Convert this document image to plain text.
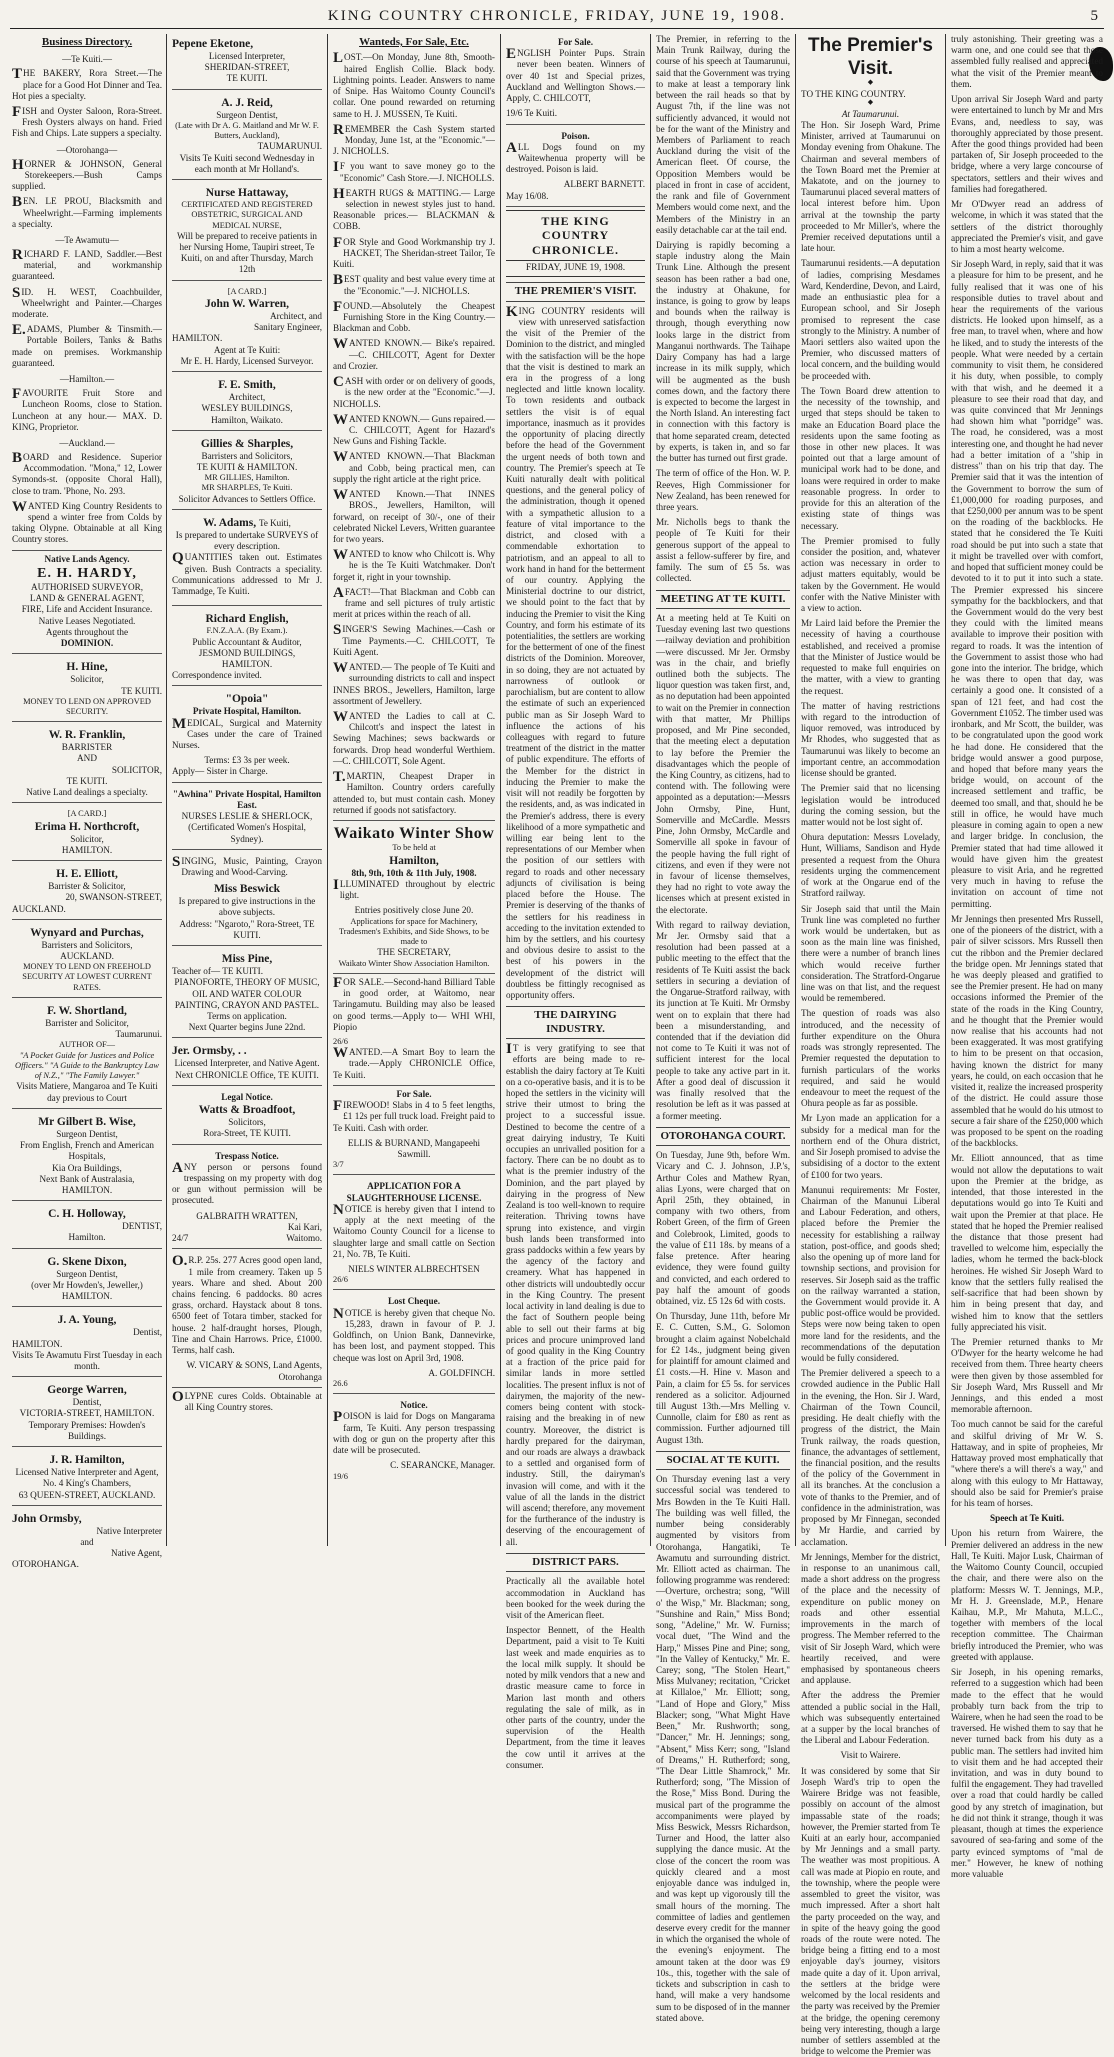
KING COUNTRY CHRONICLE, FRIDAY, JUNE 19, 1908.	5
Business Directory.
— Te Kuiti. —

THE BAKERY, Rora Street.—The place for a Good Hot Dinner and Tea. Hot pies a specialty.

FISH and Oyster Saloon, Rora-Street. Fresh Oysters always on hand. Fried Fish and Chips. Late suppers a specialty.

— Otorohanga —

HORNER & JOHNSON, General Storekeepers.—Bush Camps supplied.

BEN. LE PROU, Blacksmith and Wheelwright.—Farming implements a specialty.

— Te Awamutu —

RICHARD F. LAND, Saddler.—Best material, and workmanship guaranteed.

SID. H. WEST, Coachbuilder, Wheelwright and Painter.—Charges moderate.

E.ADAMS, Plumber & Tinsmith.—Portable Boilers, Tanks & Baths made on premises. Workmanship guaranteed.

— Hamilton. —

FAVOURITE Fruit Store and Luncheon Rooms, close to Station. Luncheon at any hour.— MAX. D. KING, Proprietor.

— Auckland. —

BOARD and Residence. Superior Accommodation. "Mona," 12, Lower Symonds-st. (opposite Choral Hall), close to tram. 'Phone, No. 293.

WANTED King Country Residents to spend a winter free from Colds by taking Olypne. Obtainable at all King Country stores.

Native Lands Agency.
E. H. HARDY,
AUTHORISED SURVEYOR,
LAND & GENERAL AGENT,
FIRE, Life and Accident Insurance.
Native Leases Negotiated.
Agents throughout the
DOMINION.
H. Hine,
Solicitor,
TE KUITI.
MONEY TO LEND ON APPROVED SECURITY.
W. R. Franklin,
BARRISTER
AND
SOLICITOR,
TE KUITI.
Native Land dealings a specialty.
[A CARD.]
Erima H. Northcroft,
Solicitor,
HAMILTON.
H. E. Elliott,
Barrister & Solicitor,
20, SWANSON-STREET,
AUCKLAND.
Wynyard and Purchas,
Barristers and Solicitors,
AUCKLAND.
MONEY TO LEND ON FREEHOLD SECURITY AT LOWEST CURRENT RATES.
F. W. Shortland,
Barrister and Solicitor,
Taumarunui.
AUTHOR OF—
"A Pocket Guide for Justices and Police Officers." "A Guide to the Bankruptcy Law of N.Z.," "The Family Lawyer."
Visits Matiere, Mangaroa and Te Kuiti day previous to Court
Mr Gilbert B. Wise,
Surgeon Dentist,
From English, French and American Hospitals,
Kia Ora Buildings,
Next Bank of Australasia,
HAMILTON.
C. H. Holloway,
DENTIST,
Hamilton.
G. Skene Dixon,
Surgeon Dentist,
(over Mr Howden's, Jeweller,)
HAMILTON.
J. A. Young,
Dentist,
HAMILTON.
Visits Te Awamutu First Tuesday in each month.
George Warren,
Dentist,
VICTORIA-STREET, HAMILTON.
Temporary Premises: Howden's Buildings.
J. R. Hamilton,
Licensed Native Interpreter and Agent,
No. 4 King's Chambers,
63 QUEEN-STREET, AUCKLAND.
John Ormsby,
Native Interpreter
and
Native Agent,
OTOROHANGA.
Pepene Eketone,
Licensed Interpreter,
SHERIDAN-STREET,
TE KUITI.
A. J. Reid,
Surgeon Dentist,
(Late with Dr A. G. Maitland and Mr W. F. Butters, Auckland),
TAUMARUNUI.
Visits Te Kuiti second Wednesday in each month at Mr Holland's.
Nurse Hattaway,
CERTIFICATED AND REGISTERED OBSTETRIC, SURGICAL AND MEDICAL NURSE,
Will be prepared to receive patients in her Nursing Home, Taupiri street, Te Kuiti, on and after Thursday, March 12th
[A CARD.]
John W. Warren,
Architect, and
Sanitary Engineer,
HAMILTON.
Agent at Te Kuiti:
Mr E. H. Hardy, Licensed Surveyor.
F. E. Smith,
Architect,
WESLEY BUILDINGS,
Hamilton, Waikato.
Gillies & Sharples,
Barristers and Solicitors,
TE KUITI & HAMILTON.
MR GILLIES, Hamilton.
MR SHARPLES, Te Kuiti.
Solicitor Advances to Settlers Office.
W. Adams, Te Kuiti,
Is prepared to undertake SURVEYS of every description.

QUANTITIES taken out. Estimates given. Bush Contracts a speciality. Communications addressed to Mr J. Tammadge, Te Kuiti.

Richard English,
F.N.Z.A.A. (By Exam.).
Public Accountant & Auditor,
JESMOND BUILDINGS,
HAMILTON.
Correspondence invited.
"Opoia"
Private Hospital, Hamilton.

MEDICAL, Surgical and Maternity Cases under the care of Trained Nurses.

Terms: £3 3s per week.
Apply— Sister in Charge.
"Awhina" Private Hospital, Hamilton East.
NURSES LESLIE & SHERLOCK,
(Certificated Women's Hospital, Sydney).

SINGING, Music, Painting, Crayon Drawing and Wood-Carving.

Miss Beswick
Is prepared to give instructions in the above subjects.
Address: "Ngaroto," Rora-Street, TE KUITI.
Miss Pine,
Teacher of— TE KUITI.
PIANOFORTE, THEORY OF MUSIC, OIL AND WATER COLOUR PAINTING, CRAYON AND PASTEL.
Terms on application.
Next Quarter begins June 22nd.
Jer. Ormsby, . .
Licensed Interpreter, and Native Agent.
Next CHRONICLE Office, TE KUITI.
Legal Notice.
Watts & Broadfoot,
Solicitors,
Rora-Street, TE KUITI.
Trespass Notice.

ANY person or persons found trespassing on my property with dog or gun without permission will be prosecuted.

GALBRAITH WRATTEN,
Kai Kari,
24/7	Waitomo.

O.R.P. 25s. 277 Acres good open land, 1 mile from creamery. Taken up 5 years. Whare and shed. About 200 chains fencing. 6 paddocks. 80 acres grass, orchard. Haystack about 8 tons. 6500 feet of Totara timber, stacked for house. 2 half-draught horses, Plough, Tine and Chain Harrows. Price, £1000. Terms, half cash.

W. VICARY & SONS, Land Agents, Otorohanga

OLYPNE cures Colds. Obtainable at all King Country stores.

Wanteds, For Sale, Etc.

LOST.—On Monday, June 8th, Smooth-haired English Collie. Black body. Lightning points. Leader. Answers to name of Snipe. Has Waitomo County Council's collar. One pound rewarded on returning same to H. J. MUSSEN, Te Kuiti.

REMEMBER the Cash System started Monday, June 1st, at the "Economic."—J. NICHOLLS.

IF you want to save money go to the "Economic" Cash Store.—J. NICHOLLS.

HEARTH RUGS & MATTING.— Large selection in newest styles just to hand. Reasonable prices.— BLACKMAN & COBB.

FOR Style and Good Workmanship try J. HACKET, The Sheridan-street Tailor, Te Kuiti.

BEST quality and best value every time at the "Economic."—J. NICHOLLS.

FOUND.—Absolutely the Cheapest Furnishing Store in the King Country.—Blackman and Cobb.

WANTED KNOWN.— Bike's repaired.—C. CHILCOTT, Agent for Dexter and Crozier.

CASH with order or on delivery of goods, is the new order at the "Economic."—J. NICHOLLS.

WANTED KNOWN.— Guns repaired.—C. CHILCOTT, Agent for Hazard's New Guns and Fishing Tackle.

WANTED KNOWN.—That Blackman and Cobb, being practical men, can supply the right article at the right price.

WANTED Known.—That INNES BROS., Jewellers, Hamilton, will forward, on receipt of 30/-, one of their celebrated Nickel Levers, Written guarantee for two years.

WANTED to know who Chilcott is. Why he is the Te Kuiti Watchmaker. Don't forget it, right in your township.

AFACT!—That Blackman and Cobb can frame and sell pictures of truly artistic merit at prices within the reach of all.

SINGER'S Sewing Machines.—Cash or Time Payments.—C. CHILCOTT, Te Kuiti Agent.

WANTED.— The people of Te Kuiti and surrounding districts to call and inspect INNES BROS., Jewellers, Hamilton, large assortment of Jewellery.

WANTED the Ladies to call at C. Chilcott's and inspect the latest in Sewing Machines; sews backwards or forwards. Drop head wonderful Werthiem.—C. CHILCOTT, Sole Agent.

T.MARTIN, Cheapest Draper in Hamilton. Country orders carefully attended to, but must contain cash. Money returned if goods not satisfactory.

Waikato Winter Show
To be held at
Hamilton,
8th, 9th, 10th & 11th July, 1908.

ILLUMINATED throughout by electric light.

Entries positively close June 20.
Applications for space for Machinery, Tradesmen's Exhibits, and Side Shows, to be made to
THE SECRETARY,
Waikato Winter Show Association Hamilton.

FOR SALE.—Second-hand Billiard Table in good order, at Waitomo, near Taringamutu. Building may also be leased on good terms.—Apply to— WHI WHI, Piopio

26/6

WANTED.—A Smart Boy to learn the trade.—Apply CHRONICLE Office, Te Kuiti.

For Sale.

FIREWOOD! Slabs in 4 to 5 feet lengths, £1 12s per full truck load. Freight paid to Te Kuiti. Cash with order.

ELLIS & BURNAND, Mangapeehi Sawmill.
3/7
APPLICATION FOR A SLAUGHTERHOUSE LICENSE.

NOTICE is hereby given that I intend to apply at the next meeting of the Waitomo County Council for a license to slaughter large and small cattle on Section 21, No. 7B, Te Kuiti.

NIELS WINTER ALBRECHTSEN
26/6
Lost Cheque.

NOTICE is hereby given that cheque No. 15,283, drawn in favour of P. J. Goldfinch, on Union Bank, Dannevirke, has been lost, and payment stopped. This cheque was lost on April 3rd, 1908.

A. GOLDFINCH.
26.6
Notice.

POISON is laid for Dogs on Mangarama farm, Te Kuiti. Any person trespassing with dog or gun on the property after this date will be prosecuted.

C. SEARANCKE, Manager.
19/6
For Sale.

ENGLISH Pointer Pups. Strain never been beaten. Winners of over 40 1st and Special prizes, Auckland and Wellington Shows.—Apply, C. CHILCOTT,

19/6 Te Kuiti.
Poison.

ALL Dogs found on my Waitewhenua property will be destroyed. Poison is laid.

ALBERT BARNETT.
May 16/08.
THE KING COUNTRY CHRONICLE.
FRIDAY, JUNE 19, 1908.
THE PREMIER'S VISIT.

KING COUNTRY residents will view with unreserved satisfaction the visit of the Premier of the Dominion to the district, and mingled with the satisfaction will be the hope that the visit is destined to mark an era in the progress of a long neglected and little known locality. To town residents and outback settlers the visit is of equal importance, inasmuch as it provides the opportunity of placing directly before the head of the Government the urgent needs of both town and country. The Premier's speech at Te Kuiti naturally dealt with political questions, and the general policy of the administration, though it opened with a sympathetic allusion to a feature of vital importance to the district, and closed with a commendable exhortation to patriotism, and an appeal to all to work hand in hand for the betterment of our country. Applying the Ministerial doctrine to our district, we should point to the fact that by inducing the Premier to visit the King Country, and form his estimate of its potentialities, the settlers are working for the betterment of one of the finest districts of the Dominion. Moreover, in so doing, they are not actuated by narrowness of outlook or parochialism, but are content to allow the estimate of such an experienced public man as Sir Joseph Ward to influence the actions of his colleagues with regard to future treatment of the district in the matter of public expenditure. The efforts of the Member for the district in inducing the Premier to make the visit will not readily be forgotten by the residents, and, as was indicated in the Premier's address, there is every likelihood of a more sympathetic and willing ear being lent to the representations of our Member when the position of our settlers with regard to roads and other necessary adjuncts of civilisation is being placed before the House. The Premier is deserving of the thanks of the settlers for his readiness in acceding to the invitation extended to him by the settlers, and his courtesy and obvious desire to assist to the best of his powers in the development of the district will doubtless be fittingly recognised as opportunity offers.

THE DAIRYING INDUSTRY.

IT is very gratifying to see that efforts are being made to re-establish the dairy factory at Te Kuiti on a co-operative basis, and it is to be hoped the settlers in the vicinity will strive their utmost to bring the project to a successful issue. Destined to become the centre of a great dairying industry, Te Kuiti occupies an unrivalled position for a factory. There can be no doubt as to what is the premier industry of the Dominion, and the part played by dairying in the progress of New Zealand is too well-known to require reiteration. Thriving towns have sprung into existence, and virgin bush lands been transformed into grass paddocks within a few years by the agency of the factory and creamery. What has happened in other districts will undoubtedly occur in the King Country. The present local activity in land dealing is due to the fact of Southern people being able to sell out their farms at big prices and procure unimproved land of good quality in the King Country at a fraction of the price paid for similar lands in more settled localities. The present influx is not of dairymen, the majority of the new-comers being content with stock-raising and the breaking in of new country. Moreover, the district is hardly prepared for the dairyman, and our roads are always a drawback to a settled and organised form of industry. Still, the dairyman's invasion will come, and with it the value of all the lands in the district will ascend; therefore, any movement for the furtherance of the industry is deserving of the encouragement of all.

DISTRICT PARS.

Practically all the available hotel accommodation in Auckland has been booked for the week during the visit of the American fleet.

Inspector Bennett, of the Health Department, paid a visit to Te Kuiti last week and made enquiries as to the local milk supply. It should be noted by milk vendors that a new and drastic measure came to force in Marion last month and others regulating the sale of milk, as in other parts of the country, under the supervision of the Health Department, from the time it leaves the cow until it arrives at the consumer.

The Premier, in referring to the Main Trunk Railway, during the course of his speech at Taumarunui, said that the Government was trying to make at least a temporary link between the rail heads so that by August 7th, if the line was not sufficiently advanced, it would not be for the want of the Ministry and Members of Parliament to reach Auckland during the visit of the American fleet. Of course, the Opposition Members would be placed in front in case of accident, the rank and file of Government Members would come next, and the Members of the Ministry in an easily detachable car at the tail end.

Dairying is rapidly becoming a staple industry along the Main Trunk Line. Although the present season has been rather a bad one, the industry at Ohakune, for instance, is going to grow by leaps and bounds when the railway is through, though everything now looks large in the district from Manganui northwards. The Taihape Dairy Company has had a large increase in its milk supply, which will be augmented as the bush comes down, and the factory there is expected to become the largest in the North Island. An interesting fact in connection with this factory is that home separated cream, detected by experts, is taken in, and so far the butter has turned out first grade.

The term of office of the Hon. W. P. Reeves, High Commissioner for New Zealand, has been renewed for three years.

Mr. Nicholls begs to thank the people of Te Kuiti for their generous support of the appeal to assist a fellow-sufferer by fire, and family. The sum of £5 5s. was collected.

MEETING AT TE KUITI.

At a meeting held at Te Kuiti on Tuesday evening last two questions—railway deviation and prohibition—were discussed. Mr Jer. Ormsby was in the chair, and briefly outlined both the subjects. The liquor question was taken first, and, as no deputation had been appointed to wait on the Premier in connection with that matter, Mr Phillips proposed, and Mr Pine seconded, that the meeting elect a deputation to lay before the Premier the disadvantages which the people of the King Country, as citizens, had to contend with. The following were appointed as a deputation:—Messrs John Ormsby, Pine, Hunt, Somerville and McCardle. Messrs Pine, John Ormsby, McCardle and Somerville all spoke in favour of the people having the full right of citizens, and even if they were not in favour of license themselves, they had no right to vote away the licenses which at present existed in the electorate.

With regard to railway deviation, Mr Jer. Ormsby said that a resolution had been passed at a public meeting to the effect that the residents of Te Kuiti assist the back settlers in securing a deviation of the Ongarue-Stratford railway, with its junction at Te Kuiti. Mr Ormsby went on to explain that there had been a misunderstanding, and contended that if the deviation did not come to Te Kuiti it was not of sufficient interest for the local people to take any active part in it. After a good deal of discussion it was finally resolved that the resolution be left as it was passed at a former meeting.

OTOROHANGA COURT.

On Tuesday, June 9th, before Wm. Vicary and C. J. Johnson, J.P.'s, Arthur Coles and Mathew Ryan, alias Lyons, were charged that on April 25th, they obtained, in company with two others, from Robert Green, of the firm of Green and Colebrook, Limited, goods to the value of £11 18s. by means of a false pretence. After hearing evidence, they were found guilty and convicted, and each ordered to pay half the amount of goods obtained, viz. £5 12s 6d with costs.

On Thursday, June 11th, before Mr E. C. Cutten, S.M., G. Solomon brought a claim against Nobelchald for £2 14s., judgment being given for plaintiff for amount claimed and £1 costs.—H. Hine v. Mason and Pain, a claim for £5 5s. for services rendered as a solicitor. Adjourned till August 13th.—Mrs Melling v. Cunnolle, claim for £80 as rent as commission. Further adjourned till August 13th.

SOCIAL AT TE KUITI.

On Thursday evening last a very successful social was tendered to Mrs Bowden in the Te Kuiti Hall. The building was well filled, the number being considerably augmented by visitors from Otorohanga, Hangatiki, Te Awamutu and surrounding district. Mr. Elliott acted as chairman. The following programme was rendered:—Overture, orchestra; song, "Will o' the Wisp," Mr. Blackman; song, "Sunshine and Rain," Miss Bond; song, "Adeline," Mr. W. Furniss; vocal duet, "The Wind and the Harp," Misses Pine and Pine; song, "In the Valley of Kentucky," Mr. E. Carey; song, "The Stolen Heart," Miss Mulvaney; recitation, "Cricket at Killaloe," Mr. Elliott; song, "Land of Hope and Glory," Miss Blacker; song, "What Might Have Been," Mr. Rushworth; song, "Dancer," Mr. H. Jennings; song, "Absent," Miss Kerr; song, "Island of Dreams," H. Rutherford; song, "The Dear Little Shamrock," Mr. Rutherford; song, "The Mission of the Rose," Miss Bond. During the musical part of the programme the accompaniments were played by Miss Beswick, Messrs Richardson, Turner and Hood, the latter also supplying the dance music. At the close of the concert the room was quickly cleared and a most enjoyable dance was indulged in, and was kept up vigorously till the small hours of the morning. The committee of ladies and gentlemen deserve every credit for the manner in which the organised the whole of the evening's enjoyment. The amount taken at the door was £9 10s., this, together with the sale of tickets and subscription in cash to hand, will make a very handsome sum to be disposed of in the manner stated above.

The Premier's Visit.
◆
TO THE KING COUNTRY.
◆
At Taumarunui.

The Hon. Sir Joseph Ward, Prime Minister, arrived at Taumarunui on Monday evening from Ohakune. The Chairman and several members of the Town Board met the Premier at Makatote, and on the journey to Taumarunui placed several matters of local interest before him. Upon arrival at the township the party proceeded to Mr Miller's, where the Premier received deputations until a late hour.

Taumarunui residents.—A deputation of ladies, comprising Mesdames Ward, Kenderdine, Devon, and Laird, made an enthusiastic plea for a European school, and Sir Joseph promised to represent the case strongly to the Ministry. A number of Maori settlers also waited upon the Premier, who discussed matters of local concern, and the building would be proceeded with.

The Town Board drew attention to the necessity of the township, and urged that steps should be taken to make an Education Board place the residents upon the same footing as those in other new places. It was pointed out that a large amount of municipal work had to be done, and loans were required in order to make reasonable progress. In order to provide for this an alteration of the existing state of things was necessary.

The Premier promised to fully consider the position, and, whatever action was necessary in order to adjust matters equitably, would be taken by the Government. He would confer with the Native Minister with a view to action.

Mr Laird laid before the Premier the necessity of having a courthouse established, and received a promise that the Minister of Justice would be requested to make full enquiries on the matter, with a view to granting the request.

The matter of having restrictions with regard to the introduction of liquor removed, was introduced by Mr Rhodes, who suggested that as Taumarunui was likely to become an important centre, an accommodation license should be granted.

The Premier said that no licensing legislation would be introduced during the coming session, but the matter would not be lost sight of.

Ohura deputation: Messrs Lovelady, Hunt, Williams, Sandison and Hyde presented a request from the Ohura residents urging the commencement of work at the Ongarue end of the Stratford railway.

Sir Joseph said that until the Main Trunk line was completed no further work would be undertaken, but as soon as the main line was finished, there were a number of branch lines which would receive further consideration. The Stratford-Ongarue line was on that list, and the request would be remembered.

The question of roads was also introduced, and the necessity of further expenditure on the Ohura roads was strongly represented. The Premier requested the deputation to furnish particulars of the works required, and said he would endeavour to meet the request of the Ohura people as far as possible.

Mr Lyon made an application for a subsidy for a medical man for the northern end of the Ohura district, and Sir Joseph promised to advise the subsidising of a doctor to the extent of £100 for two years.

Manunui requirements: Mr Foster, Chairman of the Manunui Liberal and Labour Federation, and others, placed before the Premier the necessity for establishing a railway station, post-office, and goods shed; also the opening up of more land for township sections, and provision for reserves. Sir Joseph said as the traffic on the railway warranted a station, the Government would provide it. A public post-office would be provided. Steps were now being taken to open more land for the residents, and the recommendations of the deputation would be fully considered.

The Premier delivered a speech to a crowded audience in the Public Hall in the evening, the Hon. Sir J. Ward, Chairman of the Town Council, presiding. He dealt chiefly with the progress of the district, the Main Trunk railway, the roads question, finance, the advantages of settlement, the financial position, and the results of the policy of the Government in all its branches. At the conclusion a vote of thanks to the Premier, and of confidence in the administration, was proposed by Mr Finnegan, seconded by Mr Hardie, and carried by acclamation.

Mr Jennings, Member for the district, in response to an unanimous call, made a short address on the progress of the place and the necessity of expenditure on public money on roads and other essential improvements in the march of progress. The Member referred to the visit of Sir Joseph Ward, which were heartily received, and were emphasised by spontaneous cheers and applause.

After the address the Premier attended a public social in the Hall, which was subsequently entertained at a supper by the local branches of the Liberal and Labour Federation.

Visit to Wairere.

It was considered by some that Sir Joseph Ward's trip to open the Wairere Bridge was not feasible, possibly on account of the almost impassable state of the roads; however, the Premier started from Te Kuiti at an early hour, accompanied by Mr Jennings and a small party. The weather was most propitious. A call was made at Piopio en route, and the township, where the people were assembled to greet the visitor, was much impressed. After a short halt the party proceeded on the way, and in spite of the heavy going the good roads of the route were noted. The bridge being a fitting end to a most enjoyable day's journey, visitors made quite a day of it. Upon arrival, the settlers at the bridge were welcomed by the local residents and the party was received by the Premier at the bridge, the opening ceremony being very interesting, though a large number of settlers assembled at the bridge to welcome the Premier was

truly astonishing. Their greeting was a warm one, and one could see that those assembled fully realised and appreciated what the visit of the Premier meant to them.

Upon arrival Sir Joseph Ward and party were entertained to lunch by Mr and Mrs Evans, and, needless to say, was thoroughly appreciated by those present. After the good things provided had been partaken of, Sir Joseph proceeded to the bridge, where a very large concourse of spectators, settlers and their wives and families had foregathered.

Mr O'Dwyer read an address of welcome, in which it was stated that the settlers of the district thoroughly appreciated the Premier's visit, and gave to him a most hearty welcome.

Sir Joseph Ward, in reply, said that it was a pleasure for him to be present, and he fully realised that it was one of his responsible duties to travel about and hear the requirements of the various districts. He looked upon himself, as a free man, to travel when, where and how he liked, and to study the interests of the people. What were needed by a certain community to visit them, he considered it his duty, when possible, to comply with that wish, and he deemed it a pleasure to see their road that day, and was quite convinced that Mr Jennings had shown him what "porridge" was. The road, he considered, was a most interesting one, and thought he had never had a better imitation of a "ship in distress" than on his trip that day. The Premier said that it was the intention of the Government to borrow the sum of £1,000,000 for roading purposes, and that £250,000 per annum was to be spent on the roading of the backblocks. He stated that he considered the Te Kuiti road should be put into such a state that it might be travelled over with comfort, and hoped that sufficient money could be devoted to it to put it into such a state. The Premier expressed his sincere sympathy for the backblockers, and that the Government would do the very best they could with the limited means available to improve their position with regard to roads. It was the intention of the Government to assist those who had gone into the interior. The bridge, which he was there to open that day, was certainly a good one. It consisted of a span of 121 feet, and had cost the Government £1052. The timber used was ironbark, and Mr Scott, the builder, was to be congratulated upon the good work he had done. He considered that the bridge would answer a good purpose, and hoped that before many years the bridge would, on account of the increased settlement and traffic, be deemed too small, and that, should he be still in office, he would have much pleasure in coming again to open a new and larger bridge. In conclusion, the Premier stated that had time allowed it would have given him the greatest pleasure to visit Aria, and he regretted very much in having to refuse the invitation on account of time not permitting.

Mr Jennings then presented Mrs Russell, one of the pioneers of the district, with a pair of silver scissors. Mrs Russell then cut the ribbon and the Premier declared the bridge open. Mr Jennings stated that he was deeply pleased and gratified to see the Premier present. He had on many occasions informed the Premier of the state of the roads in the King Country, and he thought that the Premier would now realise that his accounts had not been exaggerated. It was most gratifying to him to be present on that occasion, having known the district for many years, he could, on each occasion that he visited it, realize the increased prosperity of the district. He could assure those assembled that he would do his utmost to secure a fair share of the £250,000 which was proposed to be spent on the roading of the backblocks.

Mr. Elliott announced, that as time would not allow the deputations to wait upon the Premier at the bridge, as intended, that those interested in the deputations would go into Te Kuiti and wait upon the Premier at that place. He stated that he hoped the Premier realised the distance that those present had travelled to welcome him, especially the ladies, whom he termed the back-block heroines. He wished Sir Joseph Ward to know that the settlers fully realised the self-sacrifice that had been shown by him in being present that day, and wished him to know that the settlers fully appreciated his visit.

The Premier returned thanks to Mr O'Dwyer for the hearty welcome he had received from them. Three hearty cheers were then given by those assembled for Sir Joseph Ward, Mrs Russell and Mr Jennings, and this ended a most memorable afternoon.

Too much cannot be said for the careful and skilful driving of Mr W. S. Hattaway, and in spite of propheies, Mr Hattaway proved most emphatically that "where there's a will there's a way," and along with this eulogy to Mr Hattaway, should also be said for Premier's praise for his team of horses.

Speech at Te Kuiti.

Upon his return from Wairere, the Premier delivered an address in the new Hall, Te Kuiti. Major Lusk, Chairman of the Waitomo County Council, occupied the chair, and there were also on the platform: Messrs W. T. Jennings, M.P., Mr H. J. Greenslade, M.P., Henare Kaihau, M.P., Mr Mahuta, M.L.C., together with members of the local reception committee. The Chairman briefly introduced the Premier, who was greeted with applause.

Sir Joseph, in his opening remarks, referred to a suggestion which had been made to the effect that he would probably turn back from the trip to Wairere, when he had seen the road to be traversed. He wished them to say that he never turned back from his duty as a public man. The settlers had invited him to visit them and he had accepted their invitation, and was in duty bound to fulfil the engagement. They had travelled over a road that could hardly be called good by any stretch of imagination, but he did not think it strange, though it was pleasant, though at times the experience savoured of sea-faring and some of the party evinced symptoms of "mal de mer." However, he knew of nothing more valuable
